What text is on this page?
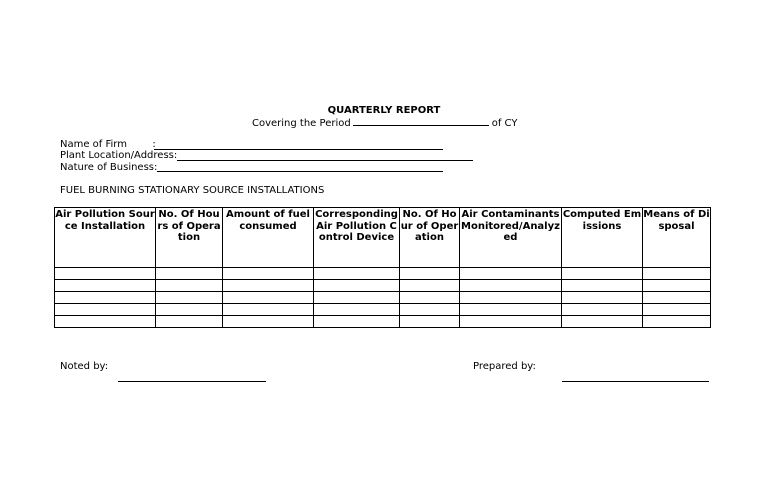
QUARTERLY REPORT
Covering the Period	of CY
Name of Firm        :
Plant Location/Address:
Nature of Business:
FUEL BURNING STATIONARY SOURCE INSTALLATIONS
Air Pollution Source Installation	No. Of Hours of Operation	Amount of fuel consumed	Corresponding Air Pollution Control Device	No. Of Hour of Operation	Air Contaminants Monitored/Analyzed	Computed Emissions	Means of Disposal

Noted by:	Prepared by:
